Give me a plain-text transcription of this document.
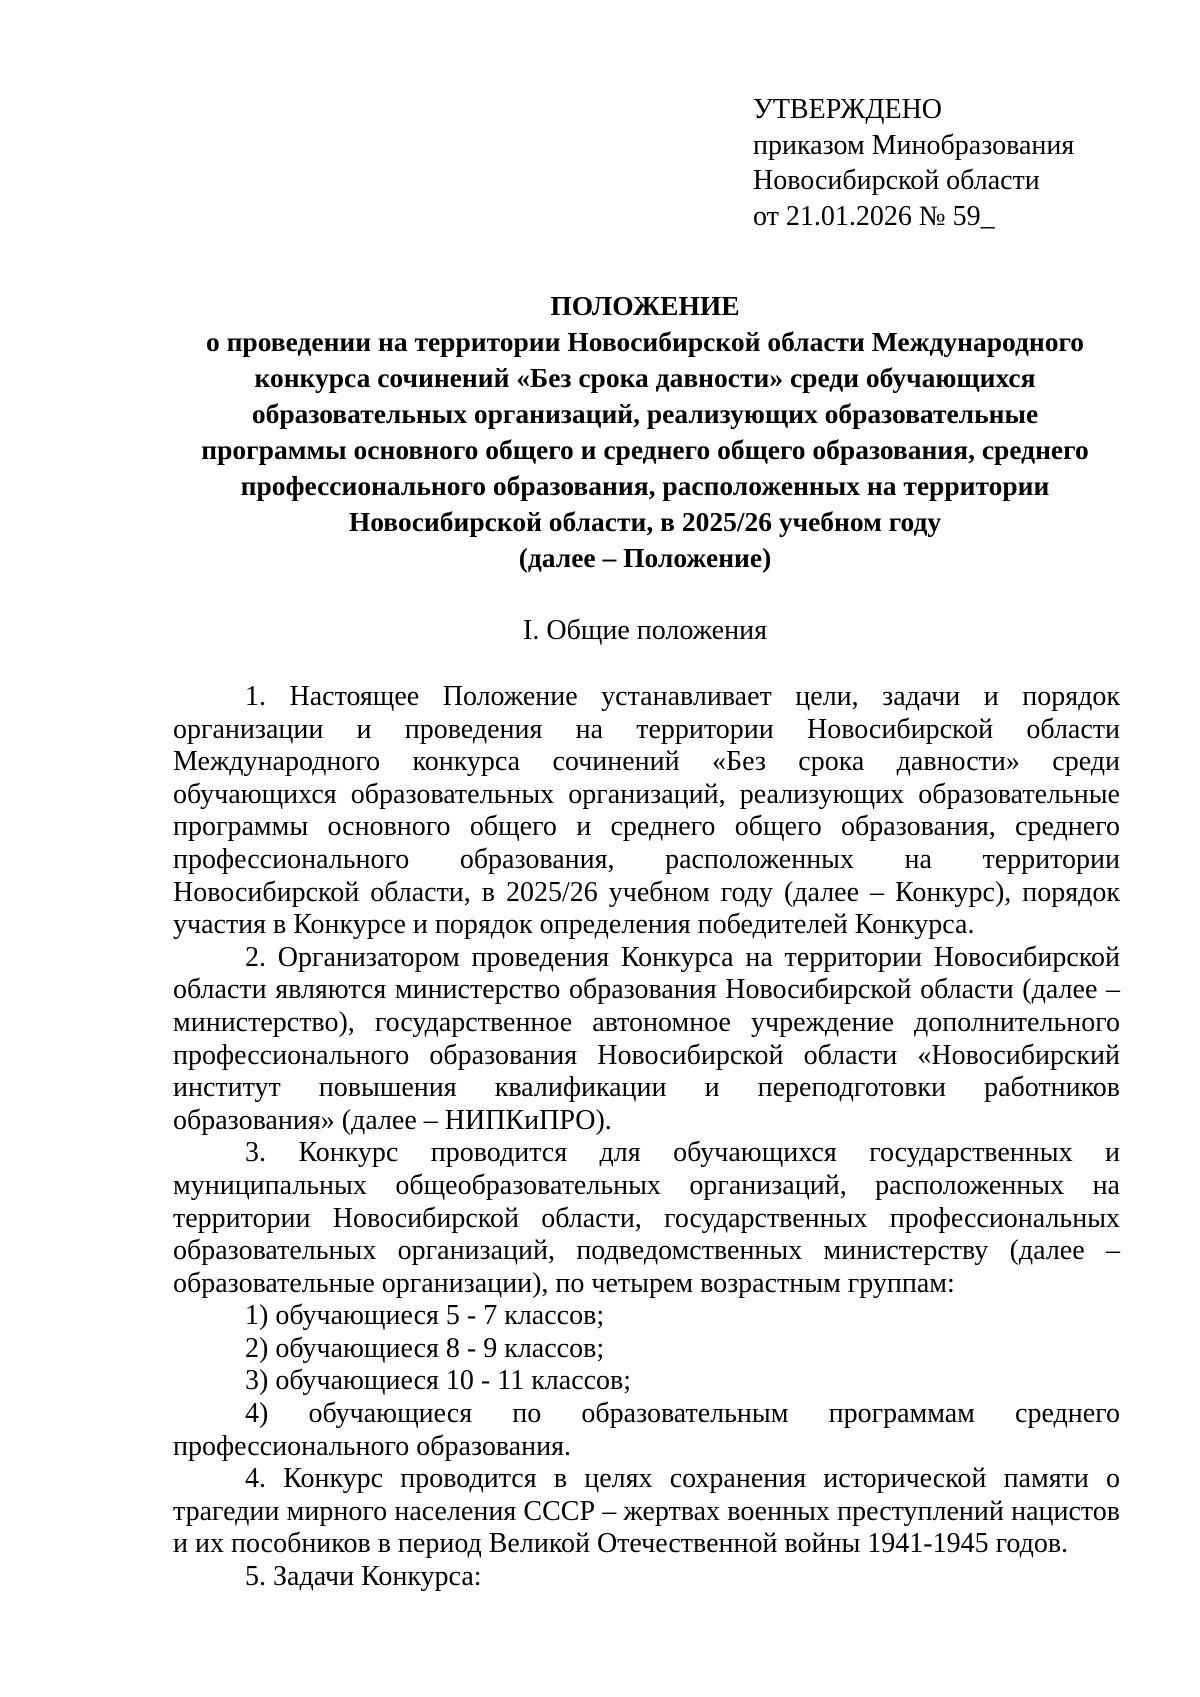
УТВЕРЖДЕНО
приказом Минобразования
Новосибирской области
от 21.01.2026 № 59_
ПОЛОЖЕНИЕ
о проведении на территории Новосибирской области Международного
конкурса сочинений «Без срока давности» среди обучающихся
образовательных организаций, реализующих образовательные
программы основного общего и среднего общего образования, среднего
профессионального образования, расположенных на территории
Новосибирской области, в 2025/26 учебном году
(далее – Положение)
I. Общие положения

1. Настоящее Положение устанавливает цели, задачи и порядок организации и проведения на территории Новосибирской области Международного конкурса сочинений «Без срока давности» среди обучающихся образовательных организаций, реализующих образовательные программы основного общего и среднего общего образования, среднего профессионального образования, расположенных на территории Новосибирской области, в 2025/26 учебном году (далее – Конкурс), порядок участия в Конкурсе и порядок определения победителей Конкурса.

2. Организатором проведения Конкурса на территории Новосибирской области являются министерство образования Новосибирской области (далее – министерство), государственное автономное учреждение дополнительного профессионального образования Новосибирской области «Новосибирский институт повышения квалификации и переподготовки работников образования» (далее – НИПКиПРО).

3. Конкурс проводится для обучающихся государственных и муниципальных общеобразовательных организаций, расположенных на территории Новосибирской области, государственных профессиональных образовательных организаций, подведомственных министерству (далее – образовательные организации), по четырем возрастным группам:

1) обучающиеся 5 - 7 классов;

2) обучающиеся 8 - 9 классов;

3) обучающиеся 10 - 11 классов;

4) обучающиеся по образовательным программам среднего профессионального образования.

4. Конкурс проводится в целях сохранения исторической памяти о трагедии мирного населения СССР – жертвах военных преступлений нацистов и их пособников в период Великой Отечественной войны 1941-1945 годов.

5. Задачи Конкурса:
